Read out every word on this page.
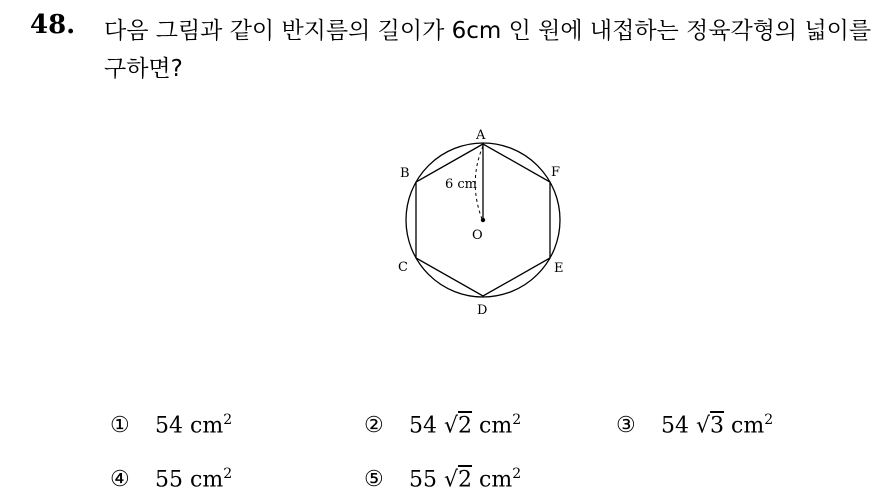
48. 다음 그림과 같이 반지름의 길이가 6cm 인 원에 내접하는 정육각형의 넓이를 구하면?
A
B
C
D
E
F
O
6 cm
① 54 $cm^2$	② 54 √2 $cm^2$	③ 54 √3 $cm^2$
④ 55 $cm^2$	⑤ 55 √2 $cm^2$
